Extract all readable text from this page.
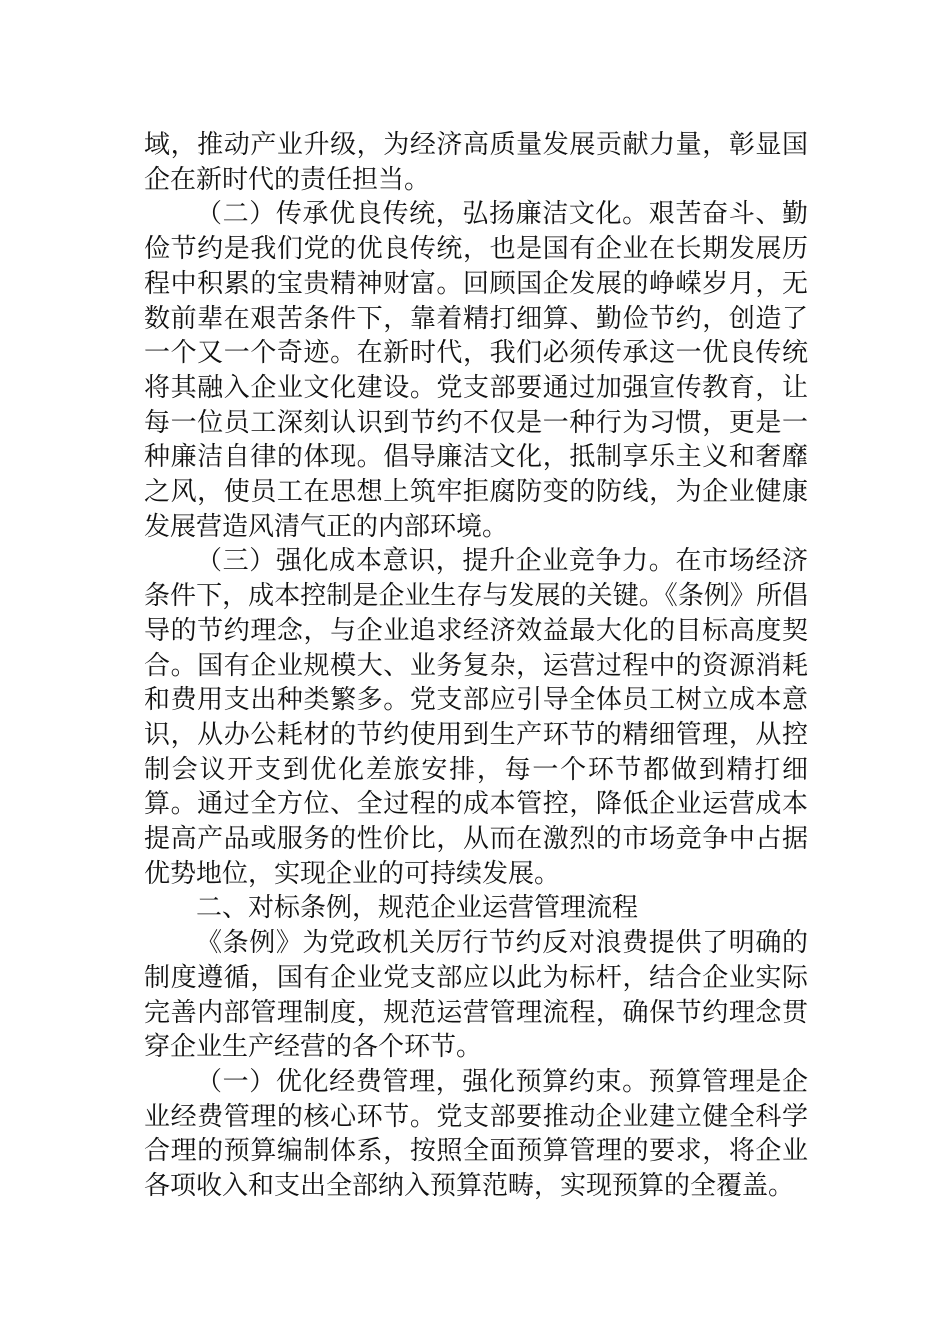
域，推动产业升级，为经济高质量发展贡献力量，彰显国企在新时代的责任担当。

（二）传承优良传统，弘扬廉洁文化。艰苦奋斗、勤俭节约是我们党的优良传统，也是国有企业在长期发展历程中积累的宝贵精神财富。回顾国企发展的峥嵘岁月，无数前辈在艰苦条件下，靠着精打细算、勤俭节约，创造了一个又一个奇迹。在新时代，我们必须传承这一优良传统将其融入企业文化建设。党支部要通过加强宣传教育，让每一位员工深刻认识到节约不仅是一种行为习惯，更是一种廉洁自律的体现。倡导廉洁文化，抵制享乐主义和奢靡之风，使员工在思想上筑牢拒腐防变的防线，为企业健康发展营造风清气正的内部环境。

（三）强化成本意识，提升企业竞争力。在市场经济条件下，成本控制是企业生存与发展的关键。《条例》所倡导的节约理念，与企业追求经济效益最大化的目标高度契合。国有企业规模大、业务复杂，运营过程中的资源消耗和费用支出种类繁多。党支部应引导全体员工树立成本意识，从办公耗材的节约使用到生产环节的精细管理，从控制会议开支到优化差旅安排，每一个环节都做到精打细算。通过全方位、全过程的成本管控，降低企业运营成本提高产品或服务的性价比，从而在激烈的市场竞争中占据优势地位，实现企业的可持续发展。

二、对标条例，规范企业运营管理流程

《条例》为党政机关厉行节约反对浪费提供了明确的制度遵循，国有企业党支部应以此为标杆，结合企业实际完善内部管理制度，规范运营管理流程，确保节约理念贯穿企业生产经营的各个环节。

（一）优化经费管理，强化预算约束。预算管理是企业经费管理的核心环节。党支部要推动企业建立健全科学合理的预算编制体系，按照全面预算管理的要求，将企业各项收入和支出全部纳入预算范畴，实现预算的全覆盖。
